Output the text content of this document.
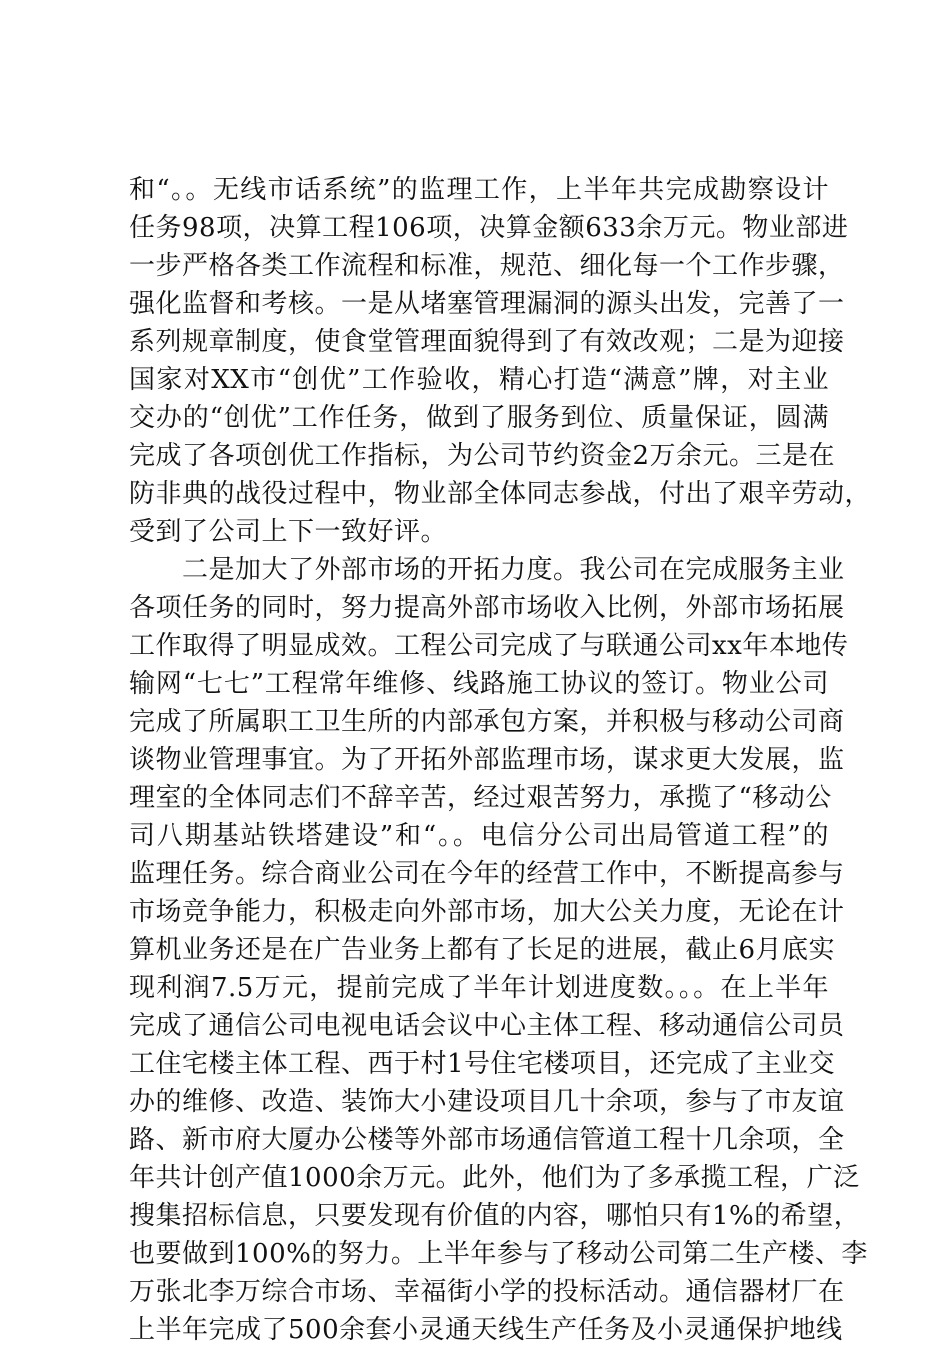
和“。。无线市话系统”的监理工作，上半年共完成勘察设计
任务98项，决算工程106项，决算金额633余万元。物业部进
一步严格各类工作流程和标准，规范、细化每一个工作步骤，
强化监督和考核。一是从堵塞管理漏洞的源头出发，完善了一
系列规章制度，使食堂管理面貌得到了有效改观；二是为迎接
国家对XX市“创优”工作验收，精心打造“满意”牌，对主业
交办的“创优”工作任务，做到了服务到位、质量保证，圆满
完成了各项创优工作指标，为公司节约资金2万余元。三是在
防非典的战役过程中，物业部全体同志参战，付出了艰辛劳动，
受到了公司上下一致好评。
二是加大了外部市场的开拓力度。我公司在完成服务主业
各项任务的同时，努力提高外部市场收入比例，外部市场拓展
工作取得了明显成效。工程公司完成了与联通公司xx年本地传
输网“七七”工程常年维修、线路施工协议的签订。物业公司
完成了所属职工卫生所的内部承包方案，并积极与移动公司商
谈物业管理事宜。为了开拓外部监理市场，谋求更大发展，监
理室的全体同志们不辞辛苦，经过艰苦努力，承揽了“移动公
司八期基站铁塔建设”和“。。电信分公司出局管道工程”的
监理任务。综合商业公司在今年的经营工作中，不断提高参与
市场竞争能力，积极走向外部市场，加大公关力度，无论在计
算机业务还是在广告业务上都有了长足的进展，截止6月底实
现利润7.5万元，提前完成了半年计划进度数。。。在上半年
完成了通信公司电视电话会议中心主体工程、移动通信公司员
工住宅楼主体工程、西于村1号住宅楼项目，还完成了主业交
办的维修、改造、装饰大小建设项目几十余项，参与了市友谊
路、新市府大厦办公楼等外部市场通信管道工程十几余项，全
年共计创产值1000余万元。此外，他们为了多承揽工程，广泛
搜集招标信息，只要发现有价值的内容，哪怕只有1%的希望，
也要做到100%的努力。上半年参与了移动公司第二生产楼、李
万张北李万综合市场、幸福街小学的投标活动。通信器材厂在
上半年完成了500余套小灵通天线生产任务及小灵通保护地线
